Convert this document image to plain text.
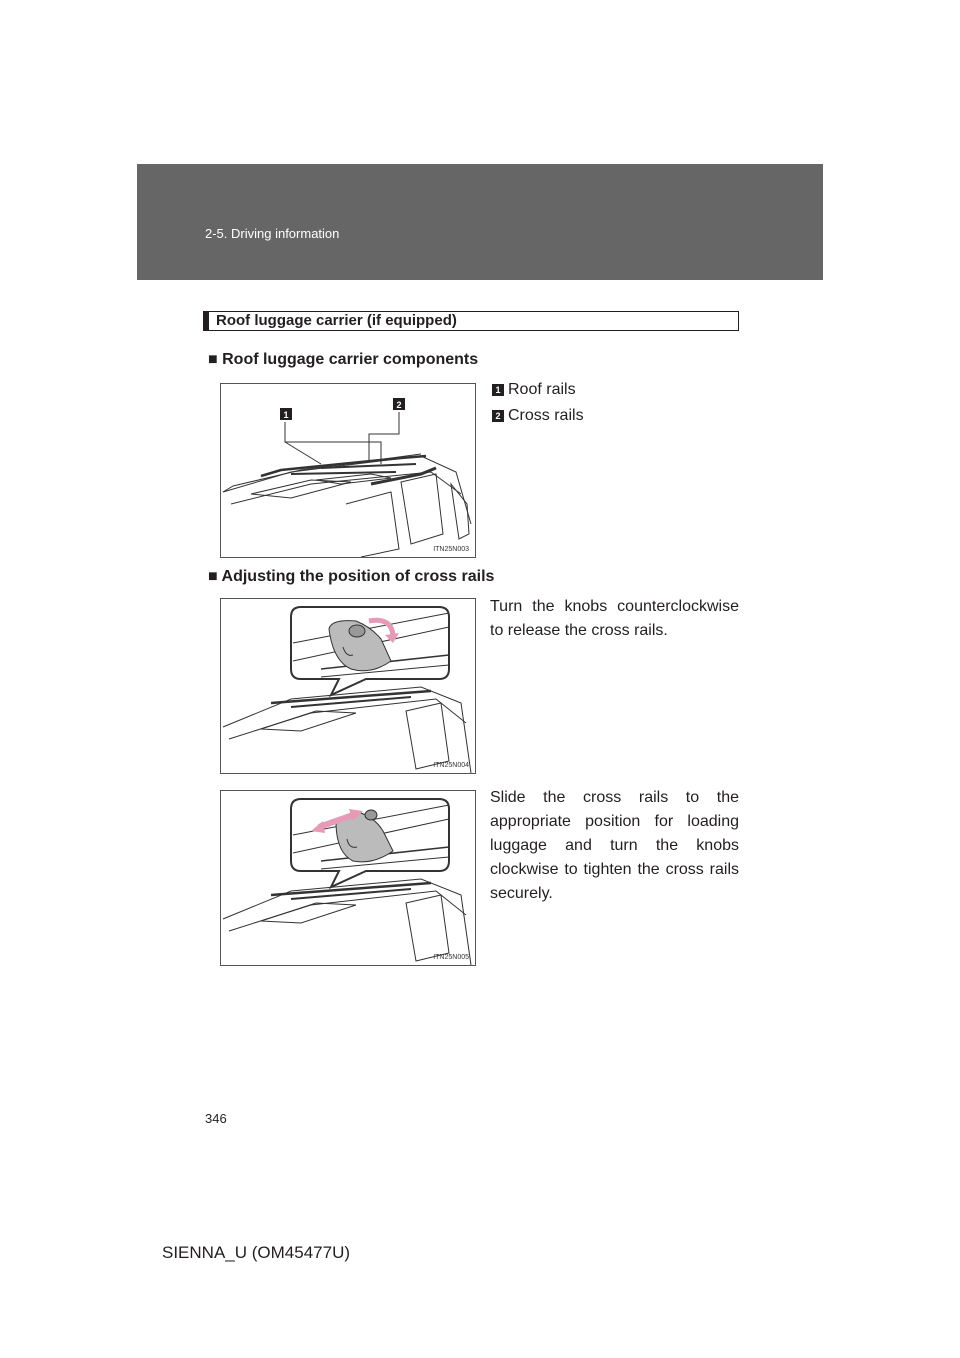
2-5. Driving information
Roof luggage carrier (if equipped)
■ Roof luggage carrier components
1
2
ITN25N003
1 Roof rails
2 Cross rails
■ Adjusting the position of cross rails
ITN25N004
Turn the knobs counterclockwise to release the cross rails.
ITN25N005
Slide the cross rails to the appropriate position for loading luggage and turn the knobs clockwise to tighten the cross rails securely.
346
SIENNA_U (OM45477U)
